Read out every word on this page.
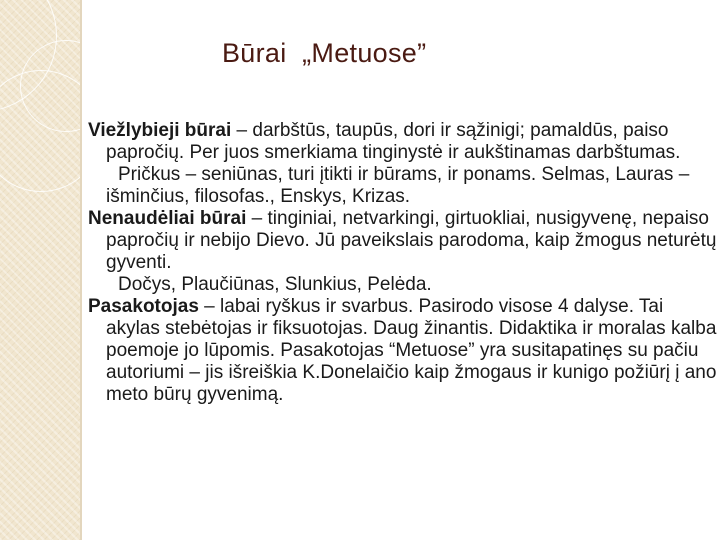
Būrai  „Metuose”

Viežlybieji būrai – darbštūs, taupūs, dori ir sąžinigi; pamaldūs, paiso papročių. Per juos smerkiama tinginystė ir aukštinamas darbštumas.

Pričkus – seniūnas, turi įtikti ir būrams, ir ponams. Selmas, Lauras – išminčius, filosofas., Enskys, Krizas.

Nenaudėliai būrai – tinginiai, netvarkingi, girtuokliai, nusigyvenę, nepaiso papročių ir nebijo Dievo. Jū paveikslais parodoma, kaip žmogus neturėtų gyventi.

Dočys, Plaučiūnas, Slunkius, Pelėda.

Pasakotojas – labai ryškus ir svarbus. Pasirodo visose 4 dalyse. Tai akylas stebėtojas ir fiksuotojas. Daug žinantis. Didaktika ir moralas kalba poemoje jo lūpomis. Pasakotojas “Metuose” yra susitapatinęs su pačiu autoriumi – jis išreiškia K.Donelaičio kaip žmogaus ir kunigo požiūrį į ano meto būrų gyvenimą.
